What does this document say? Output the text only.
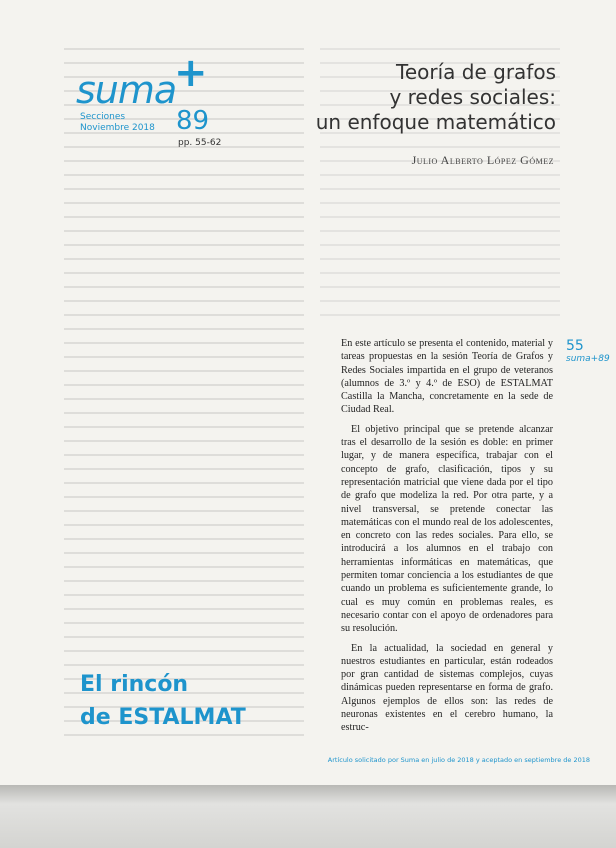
suma
+
Secciones
Noviembre 2018 89
pp. 55-62
Teoría de grafos
y redes sociales:
un enfoque matemático
Julio Alberto López Gómez
55
suma+89

En este artículo se presenta el contenido, material y tareas propuestas en la sesión Teoría de Grafos y Redes Sociales impartida en el grupo de veteranos (alumnos de 3.º y 4.º de ESO) de ESTALMAT Castilla la Mancha, concretamente en la sede de Ciudad Real.

El objetivo principal que se pretende alcanzar tras el desarrollo de la sesión es doble: en primer lugar, y de manera específica, trabajar con el concepto de grafo, clasificación, tipos y su representación matricial que viene dada por el tipo de grafo que modeliza la red. Por otra parte, y a nivel transversal, se pretende conectar las matemáticas con el mundo real de los adolescentes, en concreto con las redes sociales. Para ello, se introducirá a los alumnos en el trabajo con herramientas informáticas en matemáticas, que permiten tomar conciencia a los estudiantes de que cuando un problema es suficientemente grande, lo cual es muy común en problemas reales, es necesario contar con el apoyo de ordenadores para su resolución.

En la actualidad, la sociedad en general y nuestros estudiantes en particular, están rodeados por gran cantidad de sistemas complejos, cuyas dinámicas pueden representarse en forma de grafo. Algunos ejemplos de ellos son: las redes de neuronas existentes en el cerebro humano, la estruc-

El rincón
de ESTALMAT
Artículo solicitado por Suma en julio de 2018 y aceptado en septiembre de 2018
